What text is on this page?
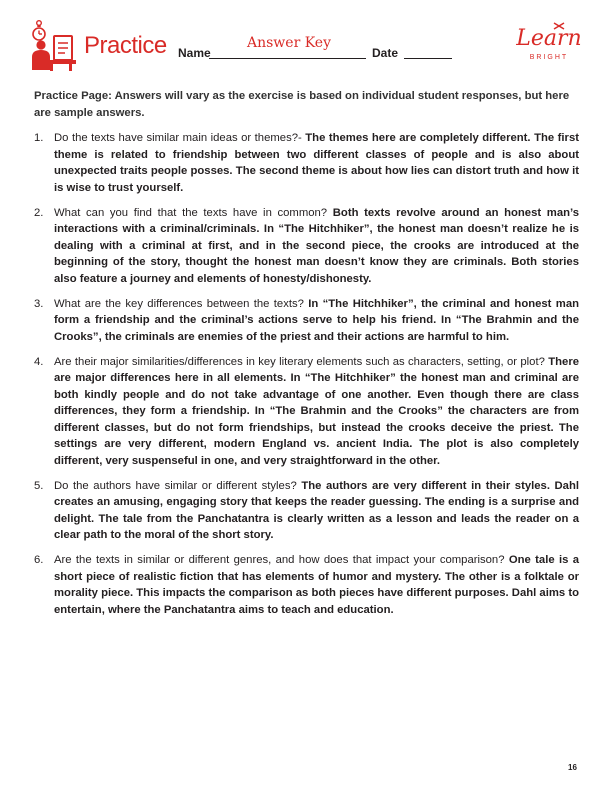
Practice Name
Answer Key
Date
Learn
BRIGHT
Practice Page: Answers will vary as the exercise is based on individual student responses, but here are sample answers.
1. Do the texts have similar main ideas or themes?- The themes here are completely different. The first theme is related to friendship between two different classes of people and is also about unexpected traits people posses. The second theme is about how lies can distort truth and how it is wise to trust yourself.
2. What can you find that the texts have in common? Both texts revolve around an honest man’s interactions with a criminal/criminals. In “The Hitchhiker”, the honest man doesn’t realize he is dealing with a criminal at first, and in the second piece, the crooks are introduced at the beginning of the story, thought the honest man doesn’t know they are criminals. Both stories also feature a journey and elements of honesty/dishonesty.
3. What are the key differences between the texts? In “The Hitchhiker”, the criminal and honest man form a friendship and the criminal’s actions serve to help his friend. In “The Brahmin and the Crooks”, the criminals are enemies of the priest and their actions are harmful to him.
4. Are their major similarities/differences in key literary elements such as characters, setting, or plot? There are major differences here in all elements. In “The Hitchhiker” the honest man and criminal are both kindly people and do not take advantage of one another. Even though there are class differences, they form a friendship. In “The Brahmin and the Crooks” the characters are from different classes, but do not form friendships, but instead the crooks deceive the priest. The settings are very different, modern England vs. ancient India. The plot is also completely different, very suspenseful in one, and very straightforward in the other.
5. Do the authors have similar or different styles? The authors are very different in their styles. Dahl creates an amusing, engaging story that keeps the reader guessing. The ending is a surprise and delight. The tale from the Panchatantra is clearly written as a lesson and leads the reader on a clear path to the moral of the short story.
6. Are the texts in similar or different genres, and how does that impact your comparison? One tale is a short piece of realistic fiction that has elements of humor and mystery. The other is a folktale or morality piece. This impacts the comparison as both pieces have different purposes. Dahl aims to entertain, where the Panchatantra aims to teach and education.
16
